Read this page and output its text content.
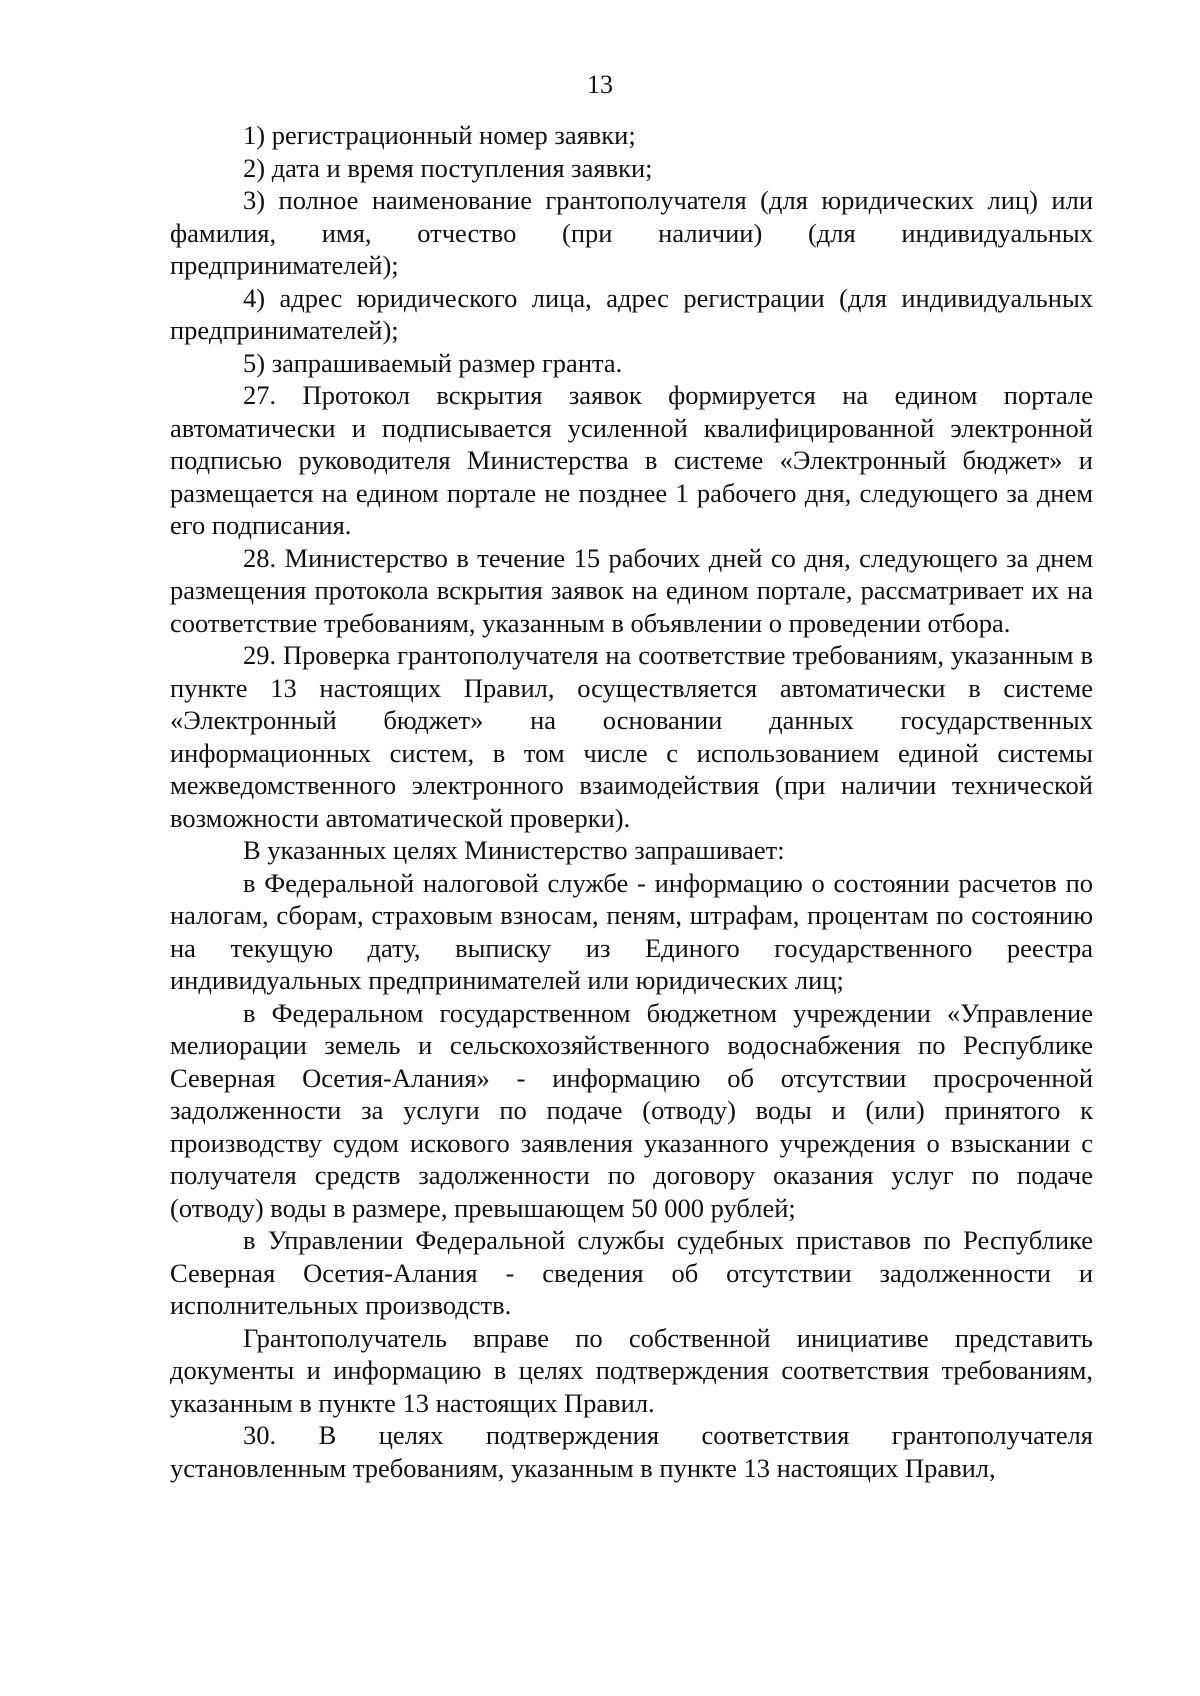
13

1) регистрационный номер заявки;

2) дата и время поступления заявки;

3) полное наименование грантополучателя (для юридических лиц) или фамилия, имя, отчество (при наличии) (для индивидуальных предпринимателей);

4) адрес юридического лица, адрес регистрации (для индивидуальных предпринимателей);

5) запрашиваемый размер гранта.

27. Протокол вскрытия заявок формируется на едином портале автоматически и подписывается усиленной квалифицированной электронной подписью руководителя Министерства в системе «Электронный бюджет» и размещается на едином портале не позднее 1 рабочего дня, следующего за днем его подписания.

28. Министерство в течение 15 рабочих дней со дня, следующего за днем размещения протокола вскрытия заявок на едином портале, рассматривает их на соответствие требованиям, указанным в объявлении о проведении отбора.

29. Проверка грантополучателя на соответствие требованиям, указанным в пункте 13 настоящих Правил, осуществляется автоматически в системе «Электронный бюджет» на основании данных государственных информационных систем, в том числе с использованием единой системы межведомственного электронного взаимодействия (при наличии технической возможности автоматической проверки).

В указанных целях Министерство запрашивает:

в Федеральной налоговой службе - информацию о состоянии расчетов по налогам, сборам, страховым взносам, пеням, штрафам, процентам по состоянию на текущую дату, выписку из Единого государственного реестра индивидуальных предпринимателей или юридических лиц;

в Федеральном государственном бюджетном учреждении «Управление мелиорации земель и сельскохозяйственного водоснабжения по Республике Северная Осетия-Алания» - информацию об отсутствии просроченной задолженности за услуги по подаче (отводу) воды и (или) принятого к производству судом искового заявления указанного учреждения о взыскании с получателя средств задолженности по договору оказания услуг по подаче (отводу) воды в размере, превышающем 50 000 рублей;

в Управлении Федеральной службы судебных приставов по Республике Северная Осетия-Алания - сведения об отсутствии задолженности и исполнительных производств.

Грантополучатель вправе по собственной инициативе представить документы и информацию в целях подтверждения соответствия требованиям, указанным в пункте 13 настоящих Правил.

30. В целях подтверждения соответствия грантополучателя установленным требованиям, указанным в пункте 13 настоящих Правил,
